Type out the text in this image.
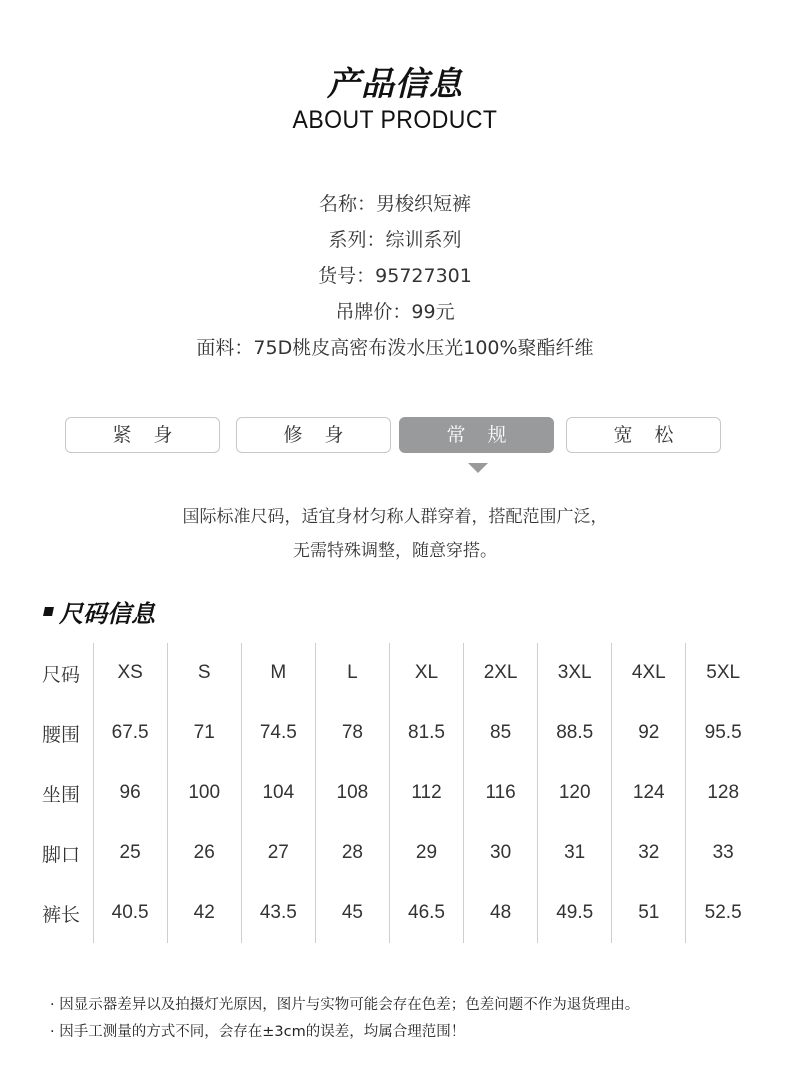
产品信息
ABOUT PRODUCT
名称：男梭织短裤
系列：综训系列
货号：95727301
吊牌价：99元
面料：75D桃皮高密布泼水压光100%聚酯纤维
紧 身	修 身	常 规	宽 松
国际标准尺码，适宜身材匀称人群穿着，搭配范围广泛，
无需特殊调整，随意穿搭。
尺码信息
尺码	XS	S	M	L	XL	2XL	3XL	4XL	5XL
腰围	67.5	71	74.5	78	81.5	85	88.5	92	95.5
坐围	96	100	104	108	112	116	120	124	128
脚口	25	26	27	28	29	30	31	32	33
裤长	40.5	42	43.5	45	46.5	48	49.5	51	52.5
· 因显示器差异以及拍摄灯光原因，图片与实物可能会存在色差；色差问题不作为退货理由。
· 因手工测量的方式不同，会存在±3cm的误差，均属合理范围！
